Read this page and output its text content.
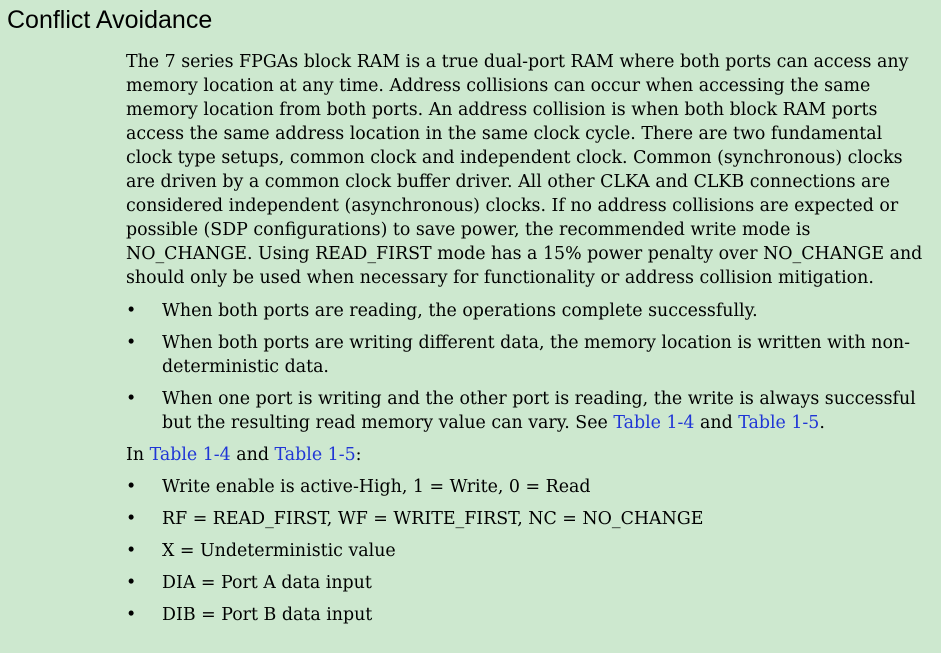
Conflict Avoidance

The 7 series FPGAs block RAM is a true dual-port RAM where both ports can access any memory location at any time. Address collisions can occur when accessing the same memory location from both ports. An address collision is when both block RAM ports access the same address location in the same clock cycle. There are two fundamental clock type setups, common clock and independent clock. Common (synchronous) clocks are driven by a common clock buffer driver. All other CLKA and CLKB connections are considered independent (asynchronous) clocks. If no address collisions are expected or possible (SDP configurations) to save power, the recommended write mode is NO_CHANGE. Using READ_FIRST mode has a 15% power penalty over NO_CHANGE and should only be used when necessary for functionality or address collision mitigation.

• When both ports are reading, the operations complete successfully.
• When both ports are writing different data, the memory location is written with non-deterministic data.
• When one port is writing and the other port is reading, the write is always successful but the resulting read memory value can vary. See Table 1-4 and Table 1-5.

In Table 1-4 and Table 1-5:

• Write enable is active-High, 1 = Write, 0 = Read
• RF = READ_FIRST, WF = WRITE_FIRST, NC = NO_CHANGE
• X = Undeterministic value
• DIA = Port A data input
• DIB = Port B data input
